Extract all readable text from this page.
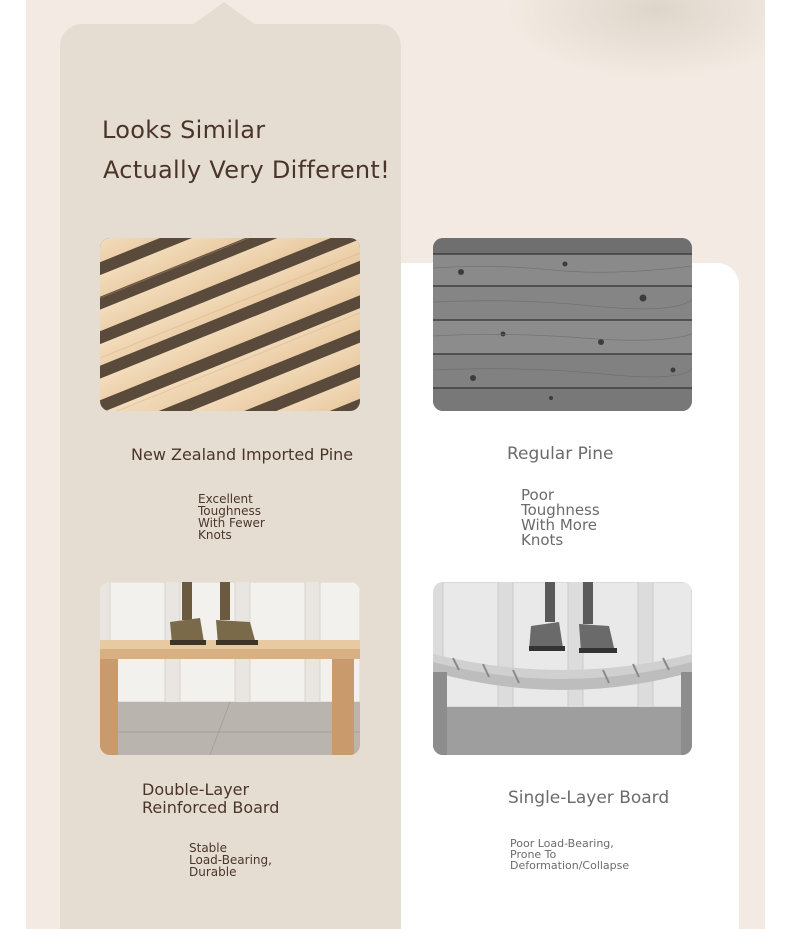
Looks Similar
Actually Very Different!
New Zealand Imported Pine	Regular Pine
Excellent
Toughness
With Fewer
Knots
Poor
Toughness
With More
Knots
Double-Layer
Reinforced Board	Single-Layer Board
Stable
Load-Bearing,
Durable
Poor Load-Bearing,
Prone To
Deformation/Collapse
